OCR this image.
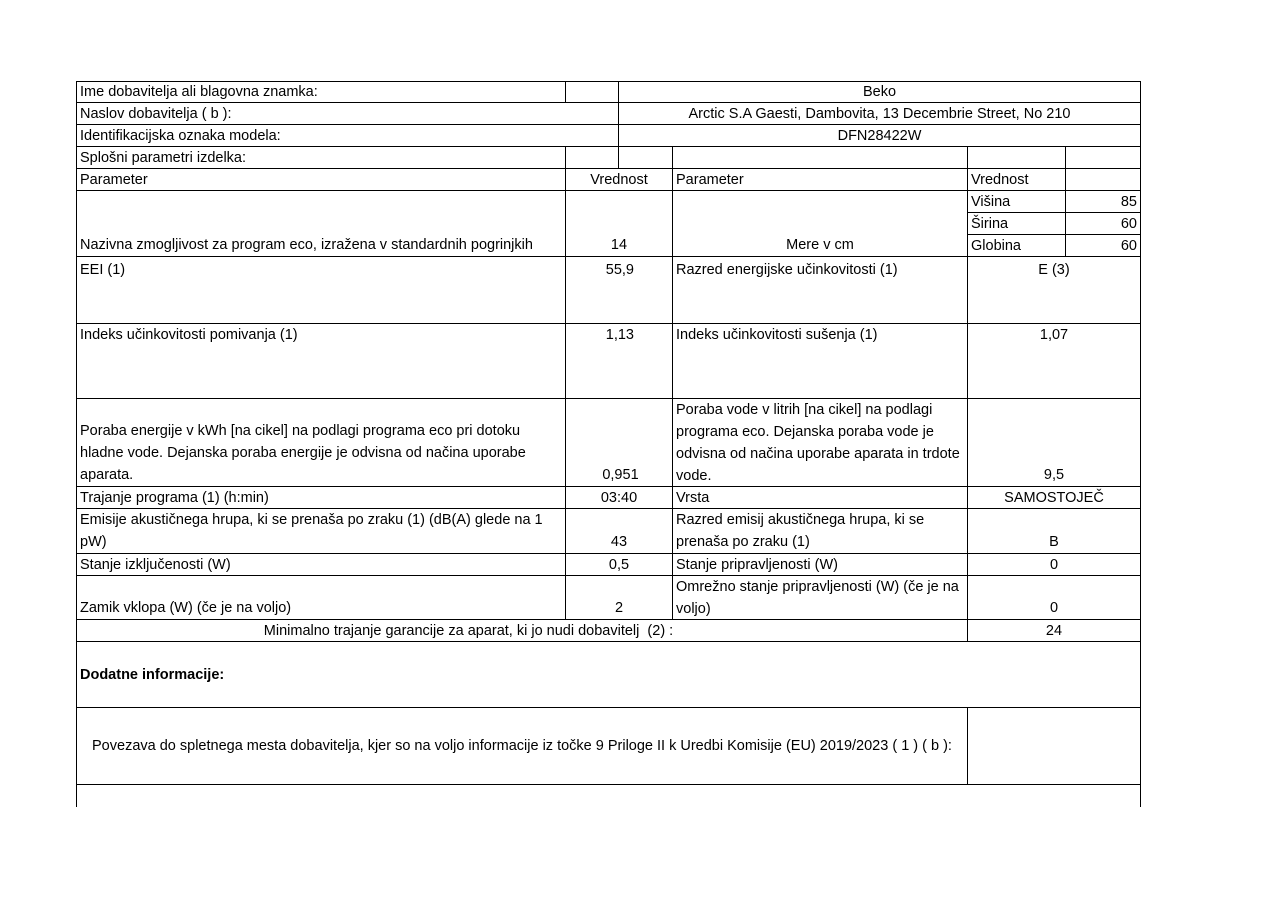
Ime dobavitelja ali blagovna znamka:	Beko
Naslov dobavitelja ( b ):	Arctic S.A Gaesti, Dambovita, 13 Decembrie Street, No 210
Identifikacijska oznaka modela:	DFN28422W
Splošni parametri izdelka:
Parameter	Vrednost	Parameter	Vrednost
Nazivna zmogljivost za program eco, izražena v standardnih pogrinjkih	14	Mere v cm
Višina	85
Širina	60
Globina	60
EEI (1)	55,9	Razred energijske učinkovitosti (1)	E (3)
Indeks učinkovitosti pomivanja (1)	1,13	Indeks učinkovitosti sušenja (1)	1,07
Poraba energije v kWh [na cikel] na podlagi programa eco pri dotoku hladne vode. Dejanska poraba energije je odvisna od načina uporabe aparata.	0,951
Poraba vode v litrih [na cikel] na podlagi programa eco. Dejanska poraba vode je odvisna od načina uporabe aparata in trdote vode.	9,5
Trajanje programa (1) (h:min)	03:40	Vrsta	SAMOSTOJEČ
Emisije akustičnega hrupa, ki se prenaša po zraku (1) (dB(A) glede na 1 pW)	43
Razred emisij akustičnega hrupa, ki se prenaša po zraku (1)	B
Stanje izključenosti (W)	0,5	Stanje pripravljenosti (W)	0
Zamik vklopa (W) (če je na voljo)	2
Omrežno stanje pripravljenosti (W) (če je na voljo)	0
Minimalno trajanje garancije za aparat, ki jo nudi dobavitelj  (2) :	24
Dodatne informacije:
Povezava do spletnega mesta dobavitelja, kjer so na voljo informacije iz točke 9 Priloge II k Uredbi Komisije (EU) 2019/2023 ( 1 ) ( b ):
